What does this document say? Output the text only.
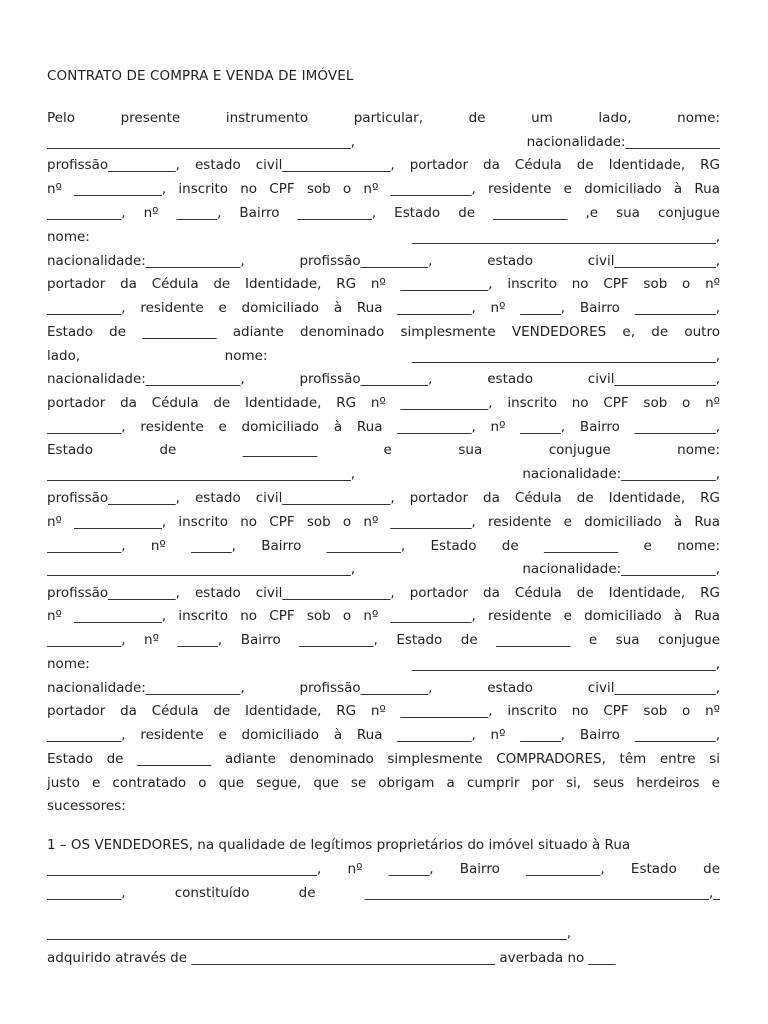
CONTRATO DE COMPRA E VENDA DE IMÓVEL
Pelo presente instrumento particular, de um lado, nome:
_____________________________________________, nacionalidade:______________
profissão__________, estado civil________________, portador da Cédula de Identidade, RG
nº _____________, inscrito no CPF sob o nº ____________, residente e domiciliado à Rua
___________, nº ______, Bairro ___________, Estado de ___________ ,e sua conjugue
nome: _____________________________________________,
nacionalidade:______________, profissão__________, estado civil_______________,
portador da Cédula de Identidade, RG nº _____________, inscrito no CPF sob o nº
___________, residente e domiciliado à Rua ___________, nº ______, Bairro ____________,
Estado de ___________ adiante denominado simplesmente VENDEDORES e, de outro
lado, nome: _____________________________________________,
nacionalidade:______________, profissão__________, estado civil_______________,
portador da Cédula de Identidade, RG nº _____________, inscrito no CPF sob o nº
___________, residente e domiciliado à Rua ___________, nº ______, Bairro ____________,
Estado de ___________ e sua conjugue nome:
_____________________________________________, nacionalidade:______________,
profissão__________, estado civil________________, portador da Cédula de Identidade, RG
nº _____________, inscrito no CPF sob o nº ____________, residente e domiciliado à Rua
___________, nº ______, Bairro ___________, Estado de ___________ e nome:
_____________________________________________, nacionalidade:______________,
profissão__________, estado civil________________, portador da Cédula de Identidade, RG
nº _____________, inscrito no CPF sob o nº ____________, residente e domiciliado à Rua
___________, nº ______, Bairro ___________, Estado de ___________ e sua conjugue
nome: _____________________________________________,
nacionalidade:______________, profissão__________, estado civil_______________,
portador da Cédula de Identidade, RG nº _____________, inscrito no CPF sob o nº
___________, residente e domiciliado à Rua ___________, nº ______, Bairro ____________,
Estado de ___________ adiante denominado simplesmente COMPRADORES, têm entre si
justo e contratado o que segue, que se obrigam a cumprir por si, seus herdeiros e
sucessores:
1 – OS VENDEDORES, na qualidade de legítimos proprietários do imóvel situado à Rua
________________________________________, nº ______, Bairro ___________, Estado de
___________, constituído de ___________________________________________________,_
_____________________________________________________________________________,
adquirido através de _____________________________________________ averbada no ____
